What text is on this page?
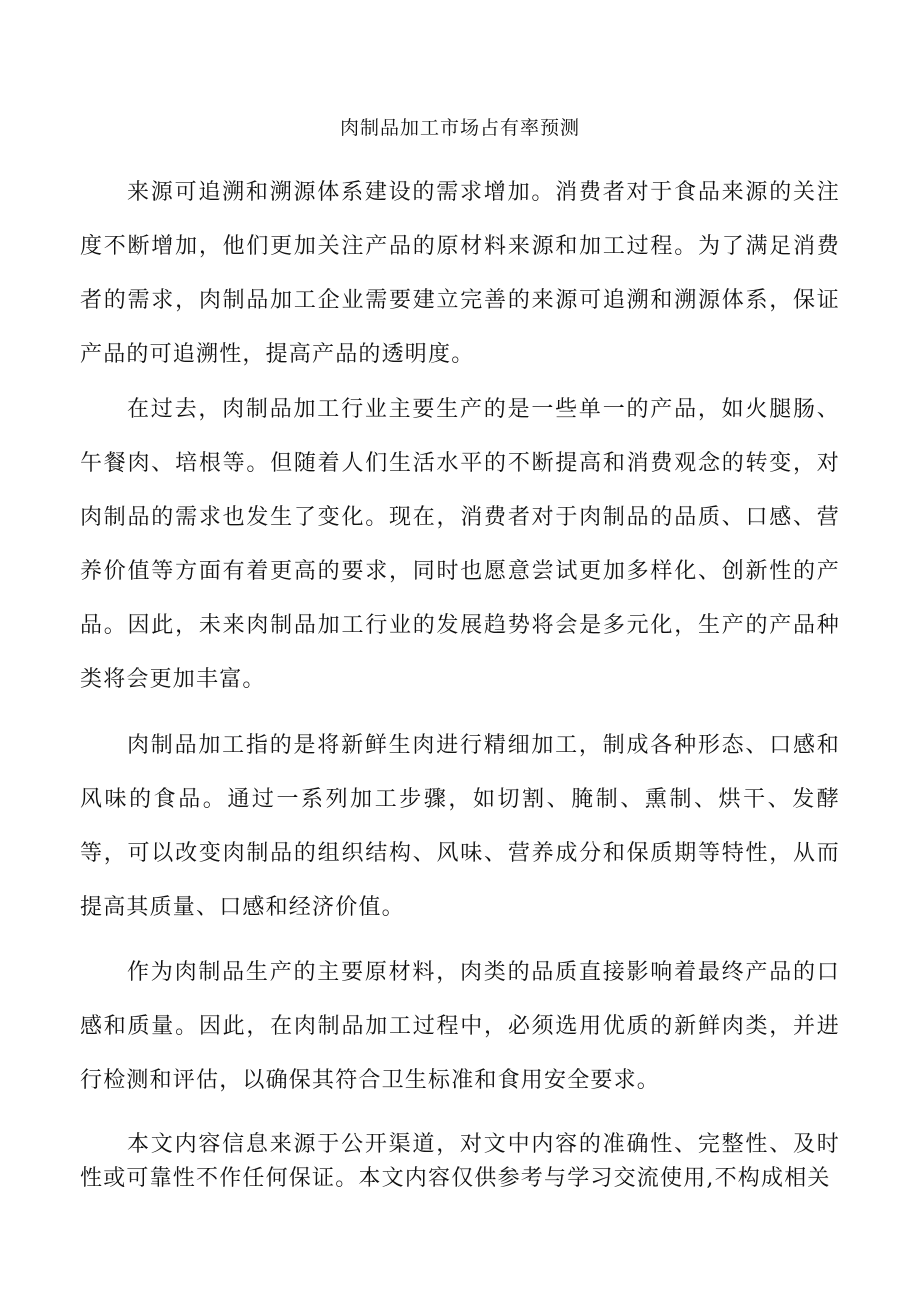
肉制品加工市场占有率预测

来源可追溯和溯源体系建设的需求增加。消费者对于食品来源的关注度不断增加，他们更加关注产品的原材料来源和加工过程。为了满足消费者的需求，肉制品加工企业需要建立完善的来源可追溯和溯源体系，保证产品的可追溯性，提高产品的透明度。

在过去，肉制品加工行业主要生产的是一些单一的产品，如火腿肠、午餐肉、培根等。但随着人们生活水平的不断提高和消费观念的转变，对肉制品的需求也发生了变化。现在，消费者对于肉制品的品质、口感、营养价值等方面有着更高的要求，同时也愿意尝试更加多样化、创新性的产品。因此，未来肉制品加工行业的发展趋势将会是多元化，生产的产品种类将会更加丰富。

肉制品加工指的是将新鲜生肉进行精细加工，制成各种形态、口感和风味的食品。通过一系列加工步骤，如切割、腌制、熏制、烘干、发酵等，可以改变肉制品的组织结构、风味、营养成分和保质期等特性，从而提高其质量、口感和经济价值。

作为肉制品生产的主要原材料，肉类的品质直接影响着最终产品的口感和质量。因此，在肉制品加工过程中，必须选用优质的新鲜肉类，并进行检测和评估，以确保其符合卫生标准和食用安全要求。

本文内容信息来源于公开渠道，对文中内容的准确性、完整性、及时性或可靠性不作任何保证。本文内容仅供参考与学习交流使用,不构成相关
